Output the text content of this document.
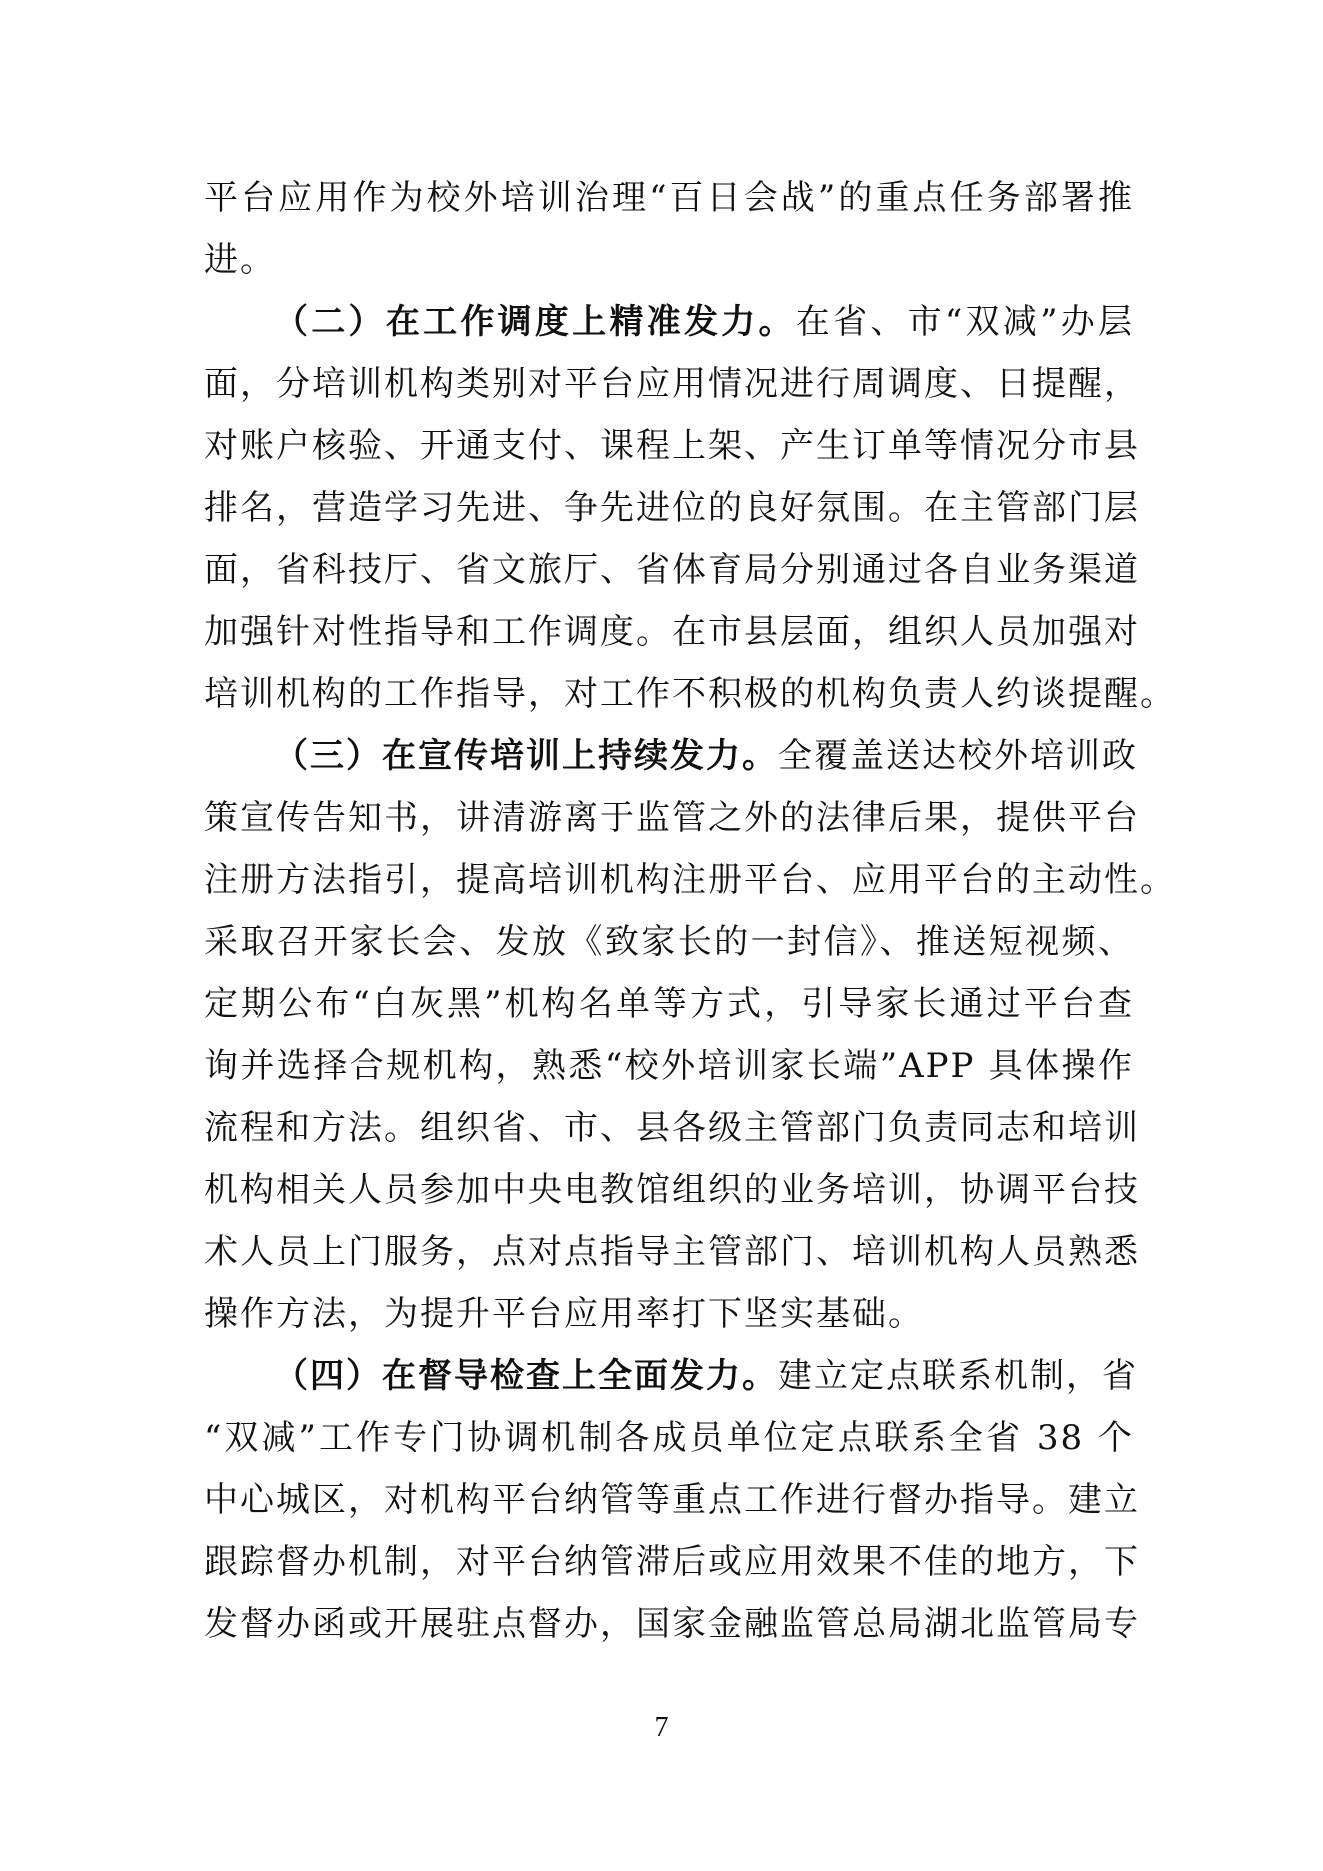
平台应用作为校外培训治理“百日会战”的重点任务部署推
进。
（二）在工作调度上精准发力。在省、市“双减”办层
面，分培训机构类别对平台应用情况进行周调度、日提醒，
对账户核验、开通支付、课程上架、产生订单等情况分市县
排名，营造学习先进、争先进位的良好氛围。在主管部门层
面，省科技厅、省文旅厅、省体育局分别通过各自业务渠道
加强针对性指导和工作调度。在市县层面，组织人员加强对
培训机构的工作指导，对工作不积极的机构负责人约谈提醒。
（三）在宣传培训上持续发力。全覆盖送达校外培训政
策宣传告知书，讲清游离于监管之外的法律后果，提供平台
注册方法指引，提高培训机构注册平台、应用平台的主动性。
采取召开家长会、发放《致家长的一封信》、推送短视频、
定期公布“白灰黑”机构名单等方式，引导家长通过平台查
询并选择合规机构，熟悉“校外培训家长端”APP 具体操作
流程和方法。组织省、市、县各级主管部门负责同志和培训
机构相关人员参加中央电教馆组织的业务培训，协调平台技
术人员上门服务，点对点指导主管部门、培训机构人员熟悉
操作方法，为提升平台应用率打下坚实基础。
（四）在督导检查上全面发力。建立定点联系机制，省
“双减”工作专门协调机制各成员单位定点联系全省 38 个
中心城区，对机构平台纳管等重点工作进行督办指导。建立
跟踪督办机制，对平台纳管滞后或应用效果不佳的地方，下
发督办函或开展驻点督办，国家金融监管总局湖北监管局专
7
